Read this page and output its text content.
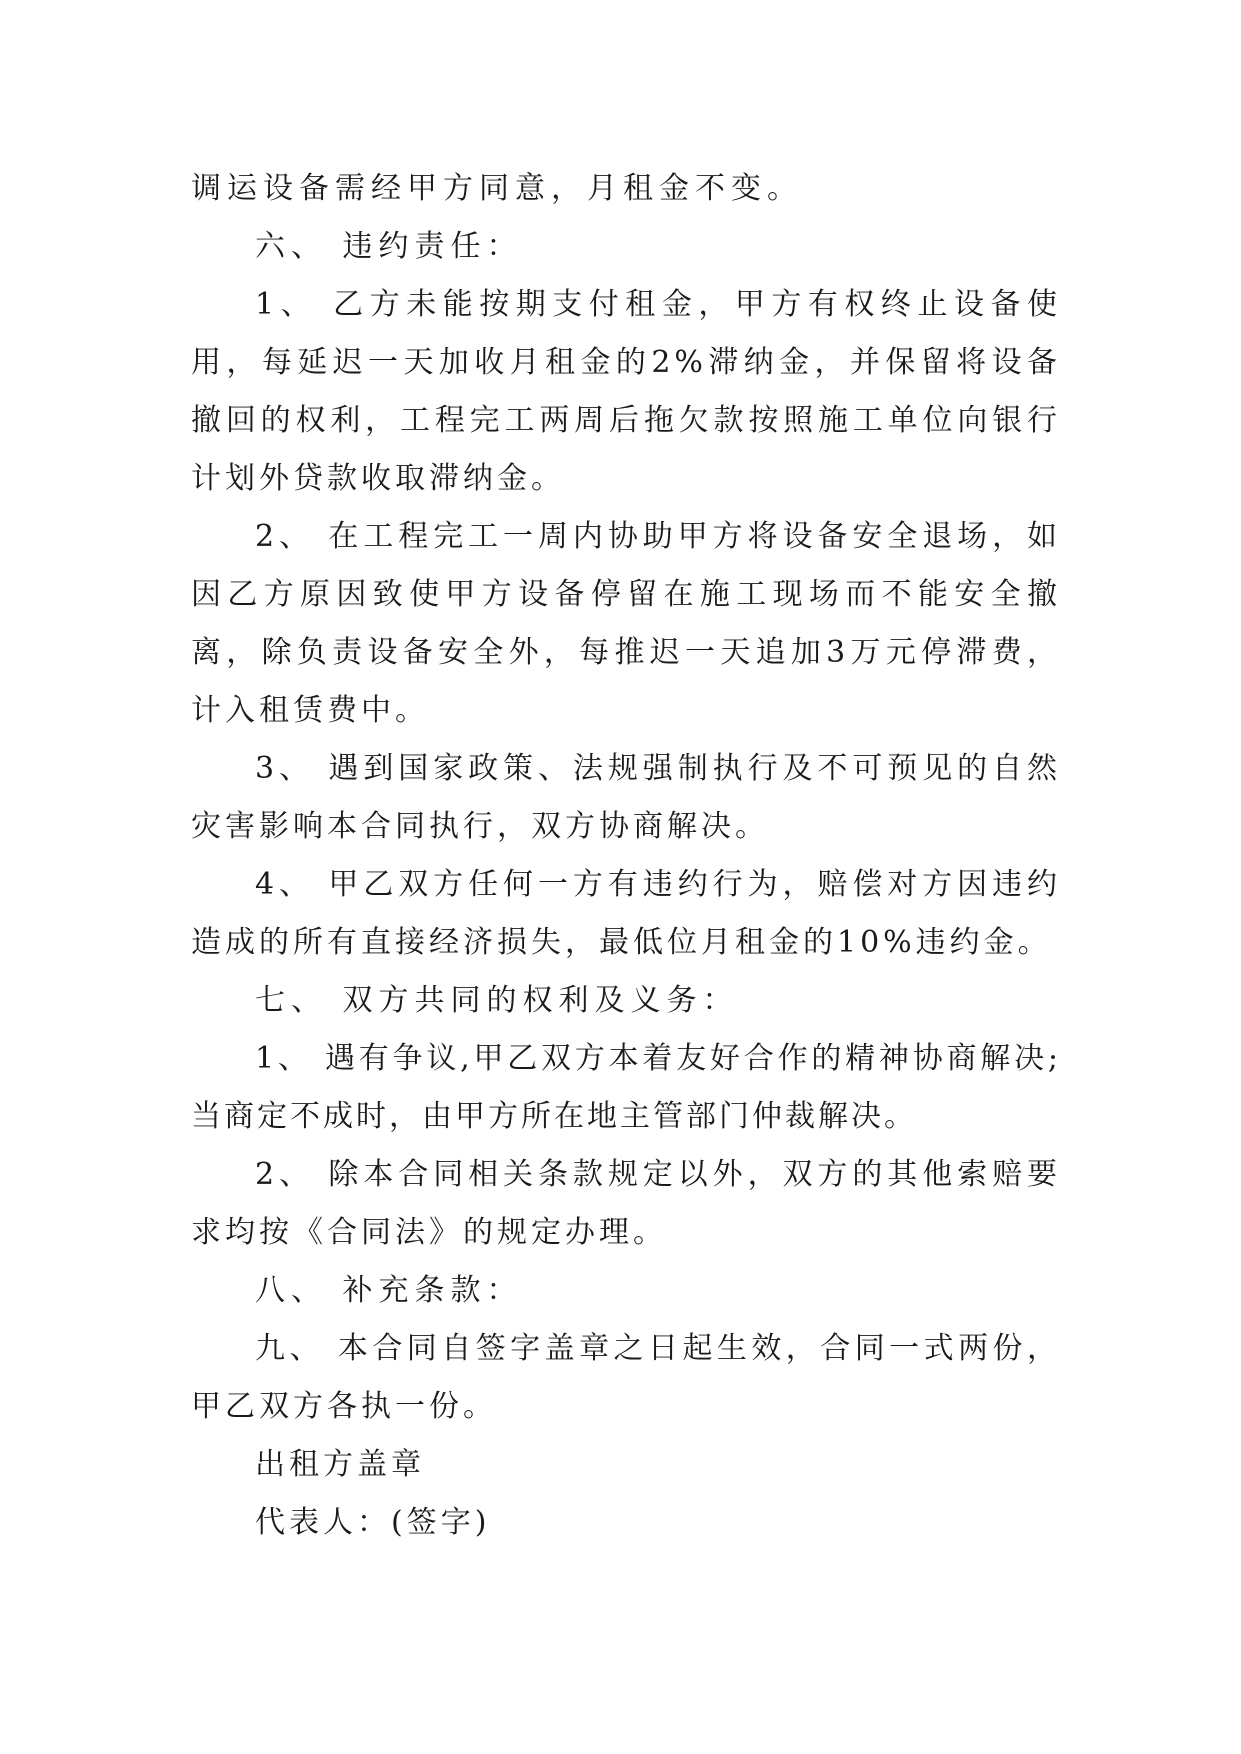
调运设备需经甲方同意，月租金不变。

六、 违约责任：

1、 乙方未能按期支付租金，甲方有权终止设备使用，每延迟一天加收月租金的2%滞纳金，并保留将设备撤回的权利，工程完工两周后拖欠款按照施工单位向银行计划外贷款收取滞纳金。

2、 在工程完工一周内协助甲方将设备安全退场，如因乙方原因致使甲方设备停留在施工现场而不能安全撤离，除负责设备安全外，每推迟一天追加3万元停滞费，计入租赁费中。

3、 遇到国家政策、法规强制执行及不可预见的自然灾害影响本合同执行，双方协商解决。

4、 甲乙双方任何一方有违约行为，赔偿对方因违约造成的所有直接经济损失，最低位月租金的10%违约金。

七、 双方共同的权利及义务：

1、 遇有争议,甲乙双方本着友好合作的精神协商解决;当商定不成时，由甲方所在地主管部门仲裁解决。

2、 除本合同相关条款规定以外，双方的其他索赔要求均按《合同法》的规定办理。

八、 补充条款：

九、 本合同自签字盖章之日起生效，合同一式两份，甲乙双方各执一份。

出租方盖章

代表人：(签字)
